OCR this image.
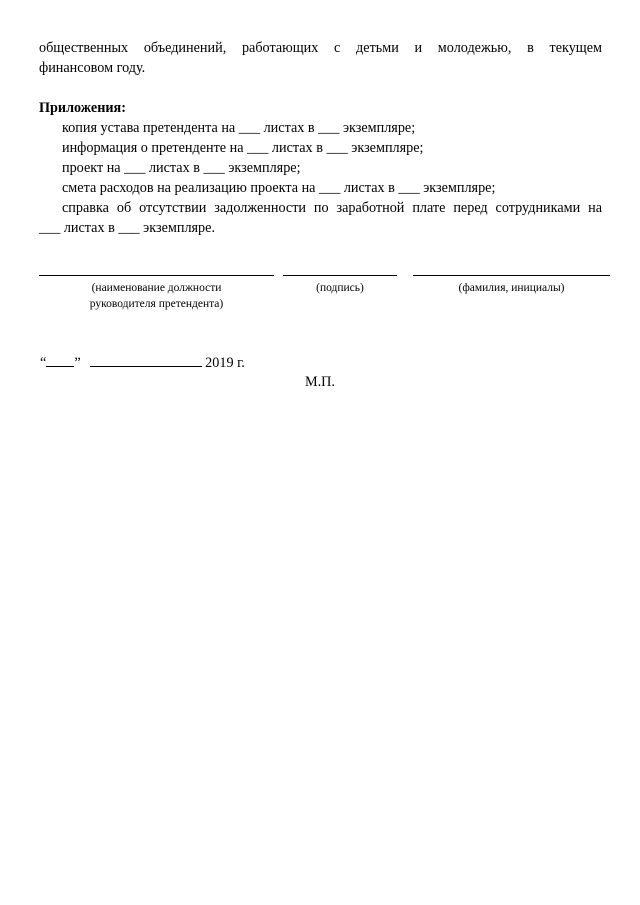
общественных объединений, работающих с детьми и молодежью, в текущем
финансовом году.
Приложения:
копия устава претендента на ___ листах в ___ экземпляре;
информация о претенденте на ___ листах в ___ экземпляре;
проект на ___ листах в ___ экземпляре;
смета расходов на реализацию проекта на ___ листах в ___ экземпляре;
справка об отсутствии задолженности по заработной плате перед сотрудниками на
___ листах в ___ экземпляре.
(наименование должности
руководителя претендента)
(подпись)	(фамилия, инициалы)
“ ”	2019 г.
М.П.
